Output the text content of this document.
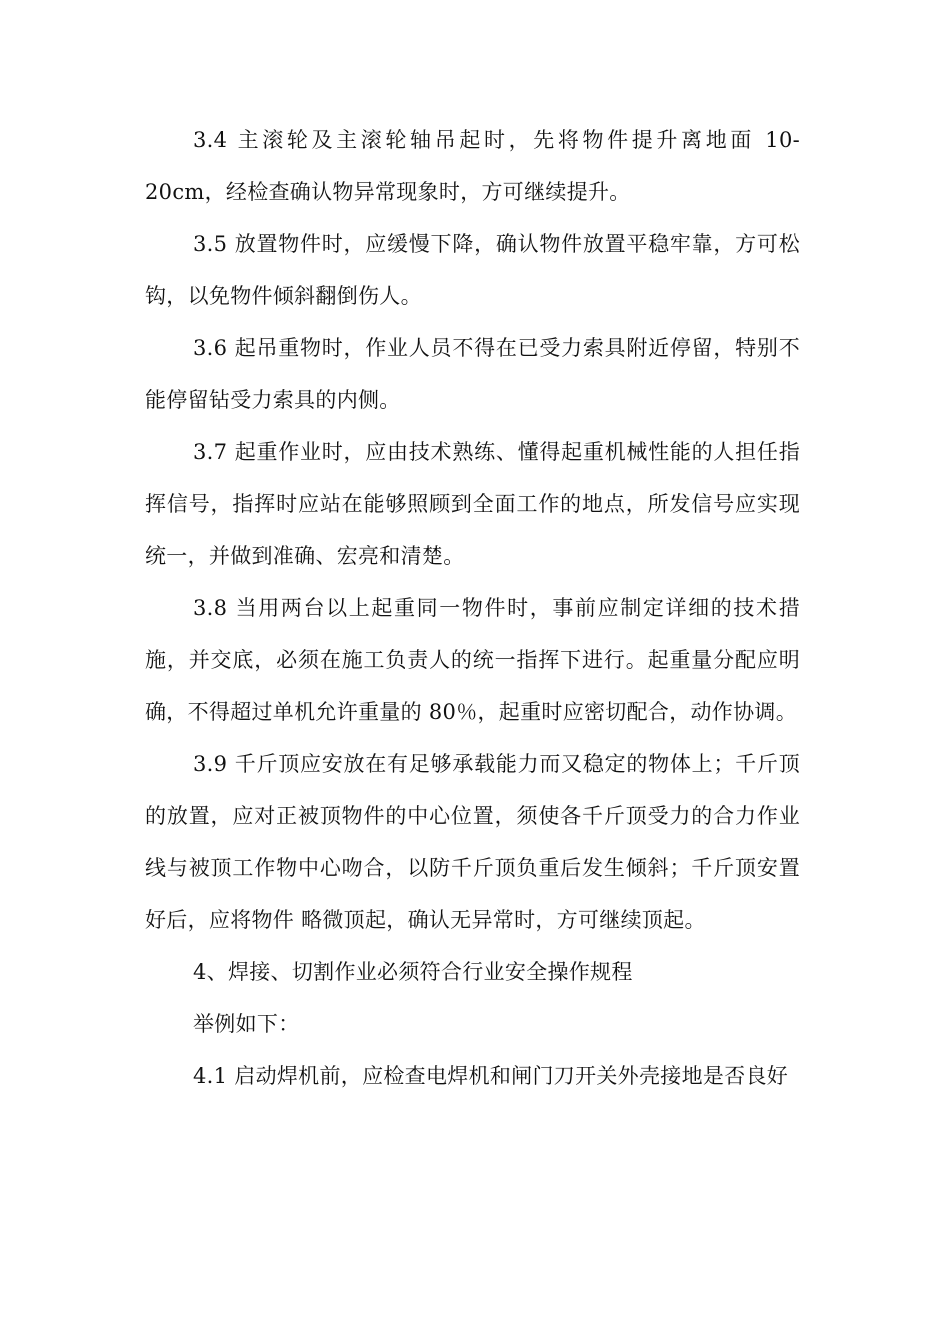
3.4 主滚轮及主滚轮轴吊起时，先将物件提升离地面 10-20cm，经检查确认物异常现象时，方可继续提升。

3.5 放置物件时，应缓慢下降，确认物件放置平稳牢靠，方可松钩，以免物件倾斜翻倒伤人。

3.6 起吊重物时，作业人员不得在已受力索具附近停留，特别不能停留钻受力索具的内侧。

3.7 起重作业时，应由技术熟练、懂得起重机械性能的人担任指挥信号，指挥时应站在能够照顾到全面工作的地点，所发信号应实现统一，并做到准确、宏亮和清楚。

3.8 当用两台以上起重同一物件时，事前应制定详细的技术措施，并交底，必须在施工负责人的统一指挥下进行。起重量分配应明确，不得超过单机允许重量的 80％，起重时应密切配合，动作协调。

3.9 千斤顶应安放在有足够承载能力而又稳定的物体上；千斤顶的放置，应对正被顶物件的中心位置，须使各千斤顶受力的合力作业线与被顶工作物中心吻合，以防千斤顶负重后发生倾斜；千斤顶安置好后，应将物件 略微顶起，确认无异常时，方可继续顶起。

4、焊接、切割作业必须符合行业安全操作规程

举例如下：

4.1 启动焊机前，应检查电焊机和闸门刀开关外壳接地是否良好
